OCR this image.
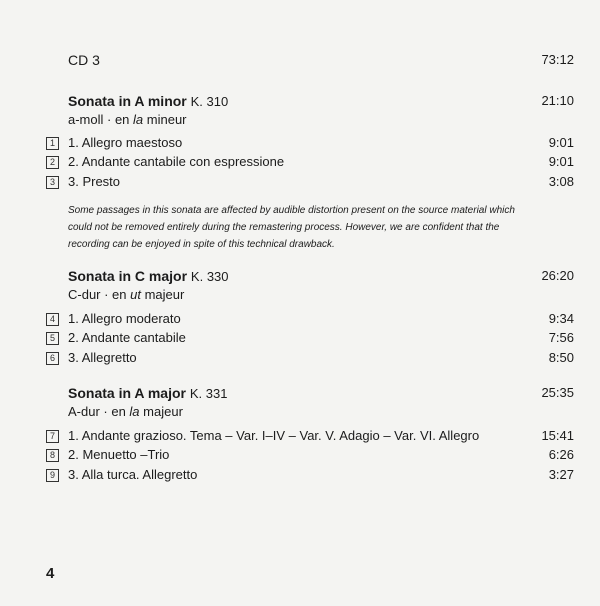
CD 3	73:12
Sonata in A minor K. 310	21:10
a-moll · en la mineur
1	1. Allegro maestoso	9:01
2	2. Andante cantabile con espressione	9:01
3	3. Presto	3:08
Some passages in this sonata are affected by audible distortion present on the source material which could not be removed entirely during the remastering process. However, we are confident that the recording can be enjoyed in spite of this technical drawback.
Sonata in C major K. 330	26:20
C-dur · en ut majeur
4	1. Allegro moderato	9:34
5	2. Andante cantabile	7:56
6	3. Allegretto	8:50
Sonata in A major K. 331	25:35
A-dur · en la majeur
7	1. Andante grazioso. Tema – Var. I–IV – Var. V. Adagio – Var. VI. Allegro	15:41
8	2. Menuetto –Trio	6:26
9	3. Alla turca. Allegretto	3:27
4
